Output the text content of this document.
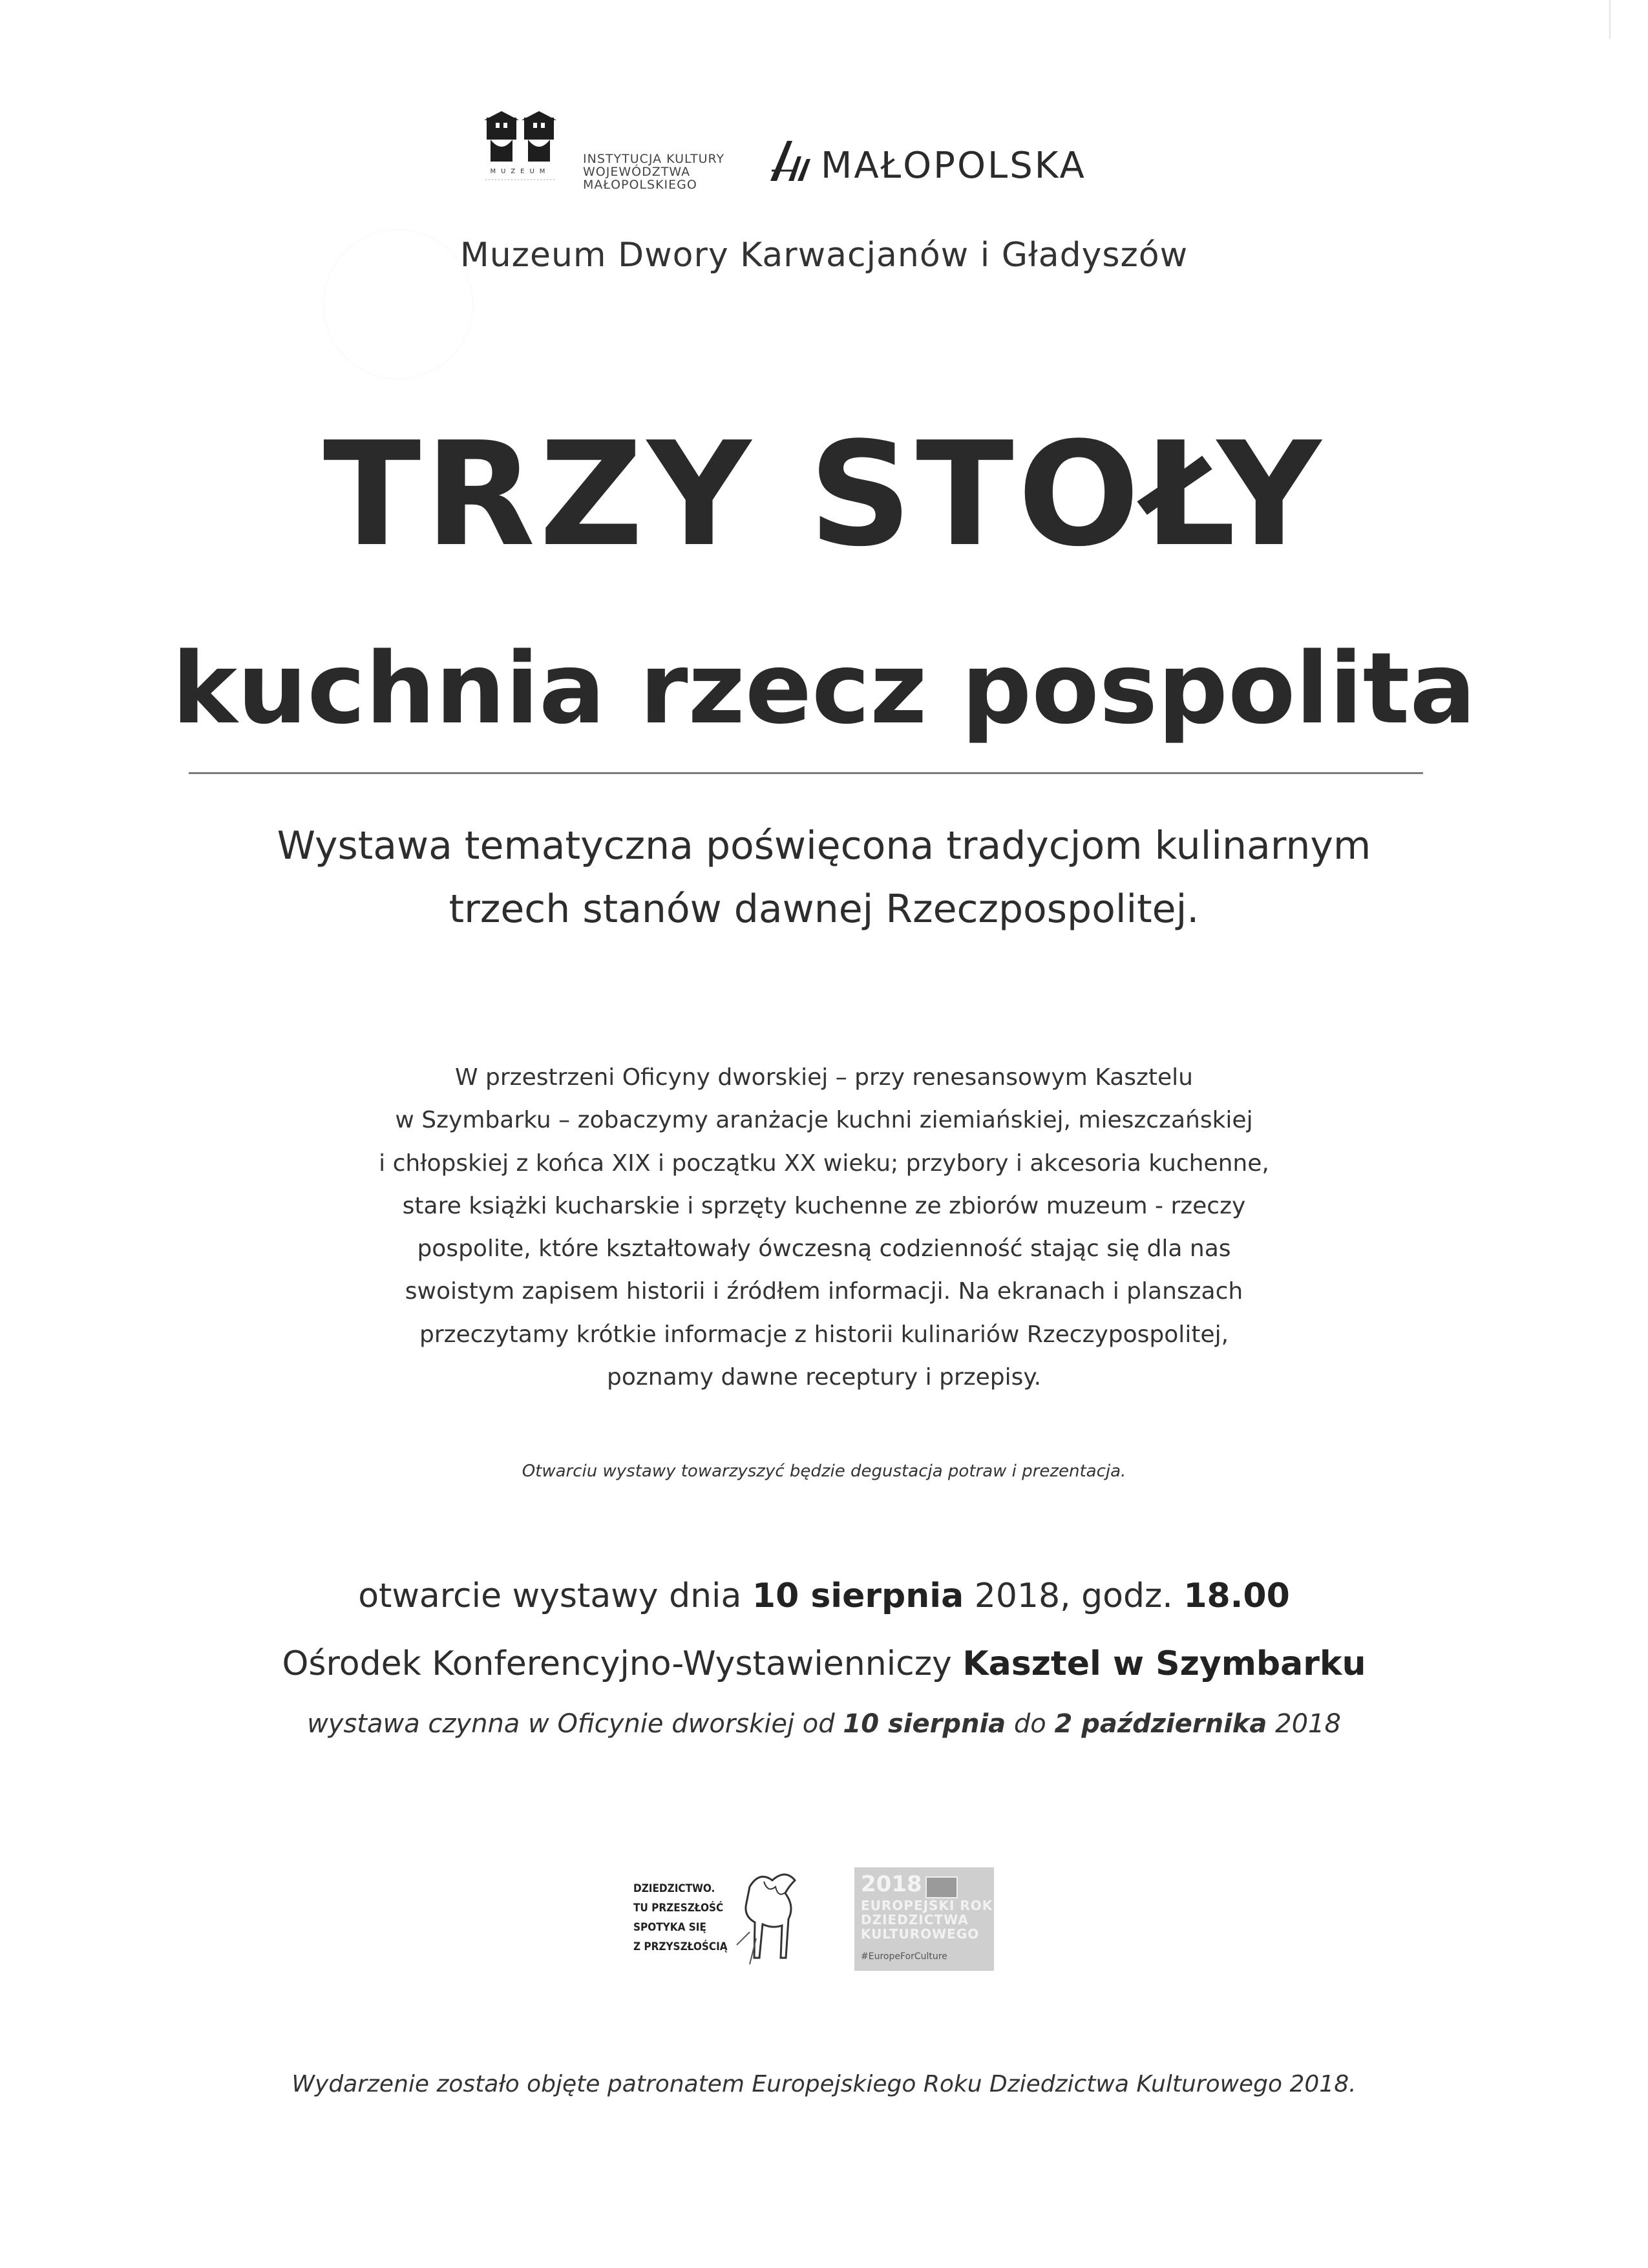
MUZEUM
INSTYTUCJA KULTURY
WOJEWÓDZTWA
MAŁOPOLSKIEGO	MAŁOPOLSKA
Muzeum Dwory Karwacjanów i Gładyszów
TRZY STOŁY
kuchnia rzecz pospolita
Wystawa tematyczna poświęcona tradycjom kulinarnym
trzech stanów dawnej Rzeczpospolitej.
W przestrzeni Oficyny dworskiej – przy renesansowym Kasztelu
w Szymbarku – zobaczymy aranżacje kuchni ziemiańskiej, mieszczańskiej
i chłopskiej z końca XIX i początku XX wieku; przybory i akcesoria kuchenne,
stare książki kucharskie i sprzęty kuchenne ze zbiorów muzeum - rzeczy
pospolite, które kształtowały ówczesną codzienność stając się dla nas
swoistym zapisem historii i źródłem informacji. Na ekranach i planszach
przeczytamy krótkie informacje z historii kulinariów Rzeczypospolitej,
poznamy dawne receptury i przepisy.
Otwarciu wystawy towarzyszyć będzie degustacja potraw i prezentacja.
otwarcie wystawy dnia 10 sierpnia 2018, godz. 18.00
Ośrodek Konferencyjno-Wystawienniczy Kasztel w Szymbarku
wystawa czynna w Oficynie dworskiej od 10 sierpnia do 2 października 2018
DZIEDZICTWO.
TU PRZESZŁOŚĆ
SPOTYKA SIĘ
Z PRZYSZŁOŚCIĄ
2018
EUROPEJSKI ROK
DZIEDZICTWA
KULTUROWEGO
#EuropeForCulture
Wydarzenie zostało objęte patronatem Europejskiego Roku Dziedzictwa Kulturowego 2018.
